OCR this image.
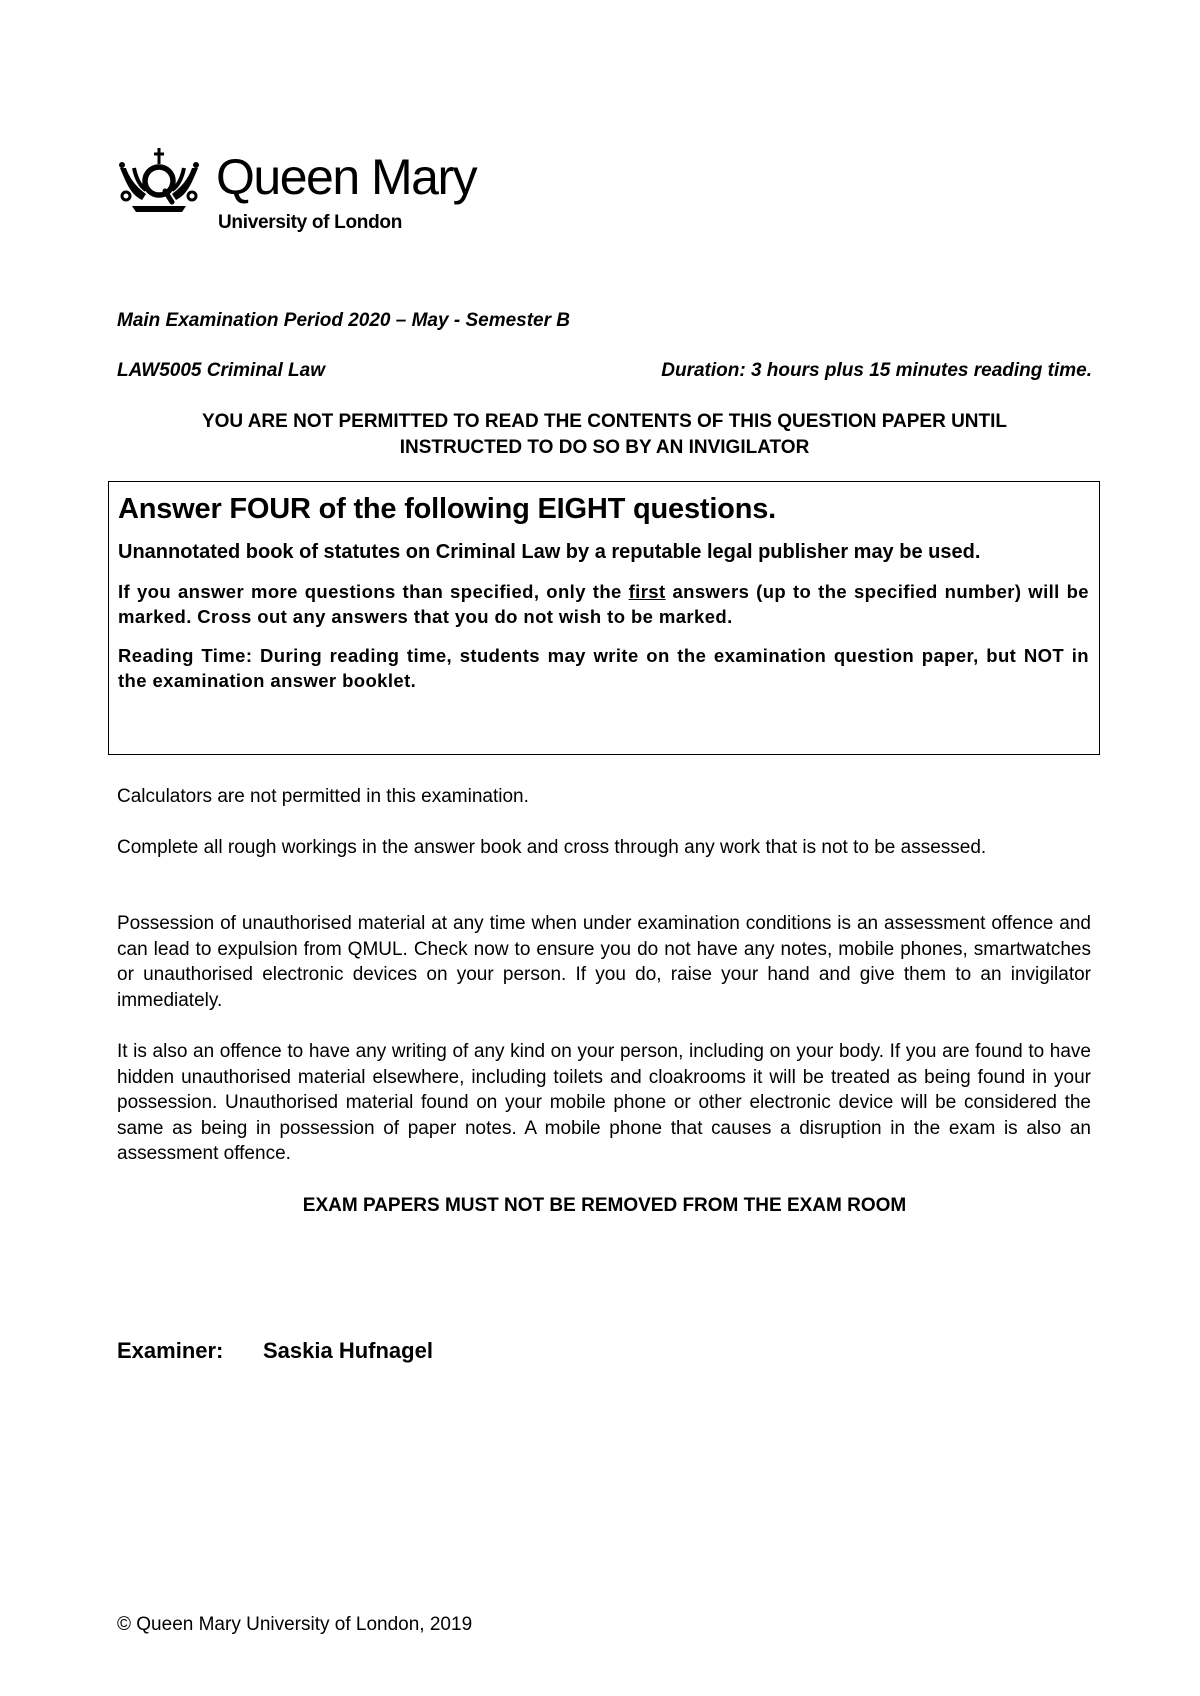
Queen Mary
University of London
Main Examination Period 2020 – May - Semester B
LAW5005 Criminal Law	Duration: 3 hours plus 15 minutes reading time.
YOU ARE NOT PERMITTED TO READ THE CONTENTS OF THIS QUESTION PAPER UNTIL
INSTRUCTED TO DO SO BY AN INVIGILATOR
Answer FOUR of the following EIGHT questions.

Unannotated book of statutes on Criminal Law by a reputable legal publisher may be used.

If you answer more questions than specified, only the first answers (up to the specified number) will be marked. Cross out any answers that you do not wish to be marked.

Reading Time: During reading time, students may write on the examination question paper, but NOT in the examination answer booklet.

Calculators are not permitted in this examination.

Complete all rough workings in the answer book and cross through any work that is not to be assessed.

Possession of unauthorised material at any time when under examination conditions is an assessment offence and can lead to expulsion from QMUL. Check now to ensure you do not have any notes, mobile phones, smartwatches or unauthorised electronic devices on your person. If you do, raise your hand and give them to an invigilator immediately.

It is also an offence to have any writing of any kind on your person, including on your body. If you are found to have hidden unauthorised material elsewhere, including toilets and cloakrooms it will be treated as being found in your possession. Unauthorised material found on your mobile phone or other electronic device will be considered the same as being in possession of paper notes. A mobile phone that causes a disruption in the exam is also an assessment offence.

EXAM PAPERS MUST NOT BE REMOVED FROM THE EXAM ROOM
Examiner: Saskia Hufnagel
© Queen Mary University of London, 2019
